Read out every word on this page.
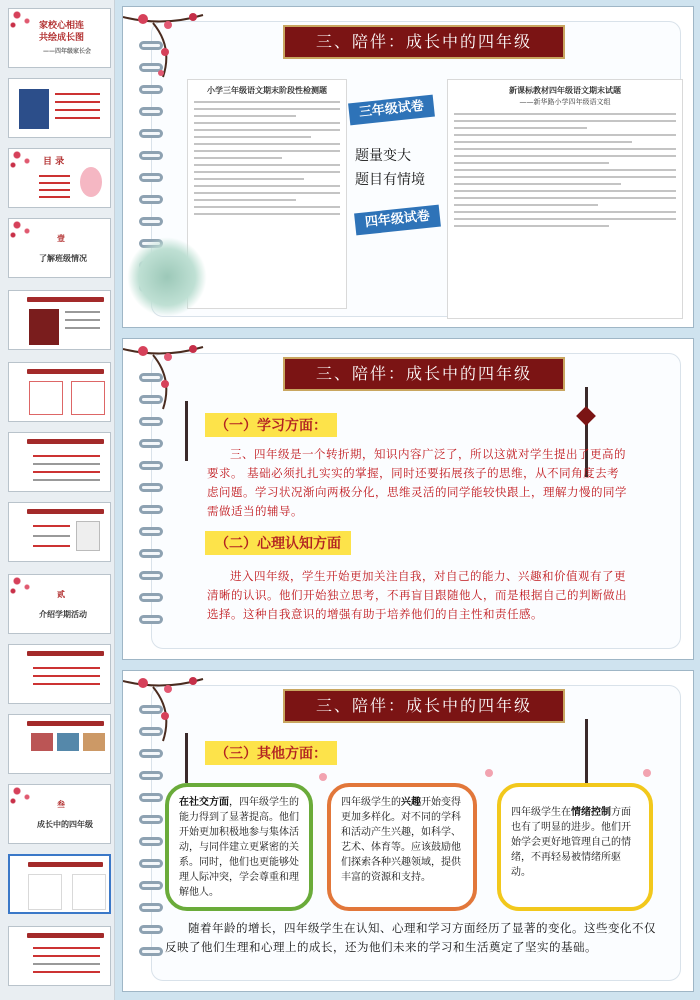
家校心相连
共绘成长图
——四年级家长会
目 录
壹
了解班级情况
贰
介绍学期活动
叁
成长中的四年级
三、陪伴：成长中的四年级
小学三年级语文期末阶段性检测题
三年级试卷
题量变大
题目有情境
四年级试卷
新课标教材四年级语文期末试题
——新华路小学四年级语文组
三、陪伴：成长中的四年级
（一）学习方面：
三、四年级是一个转折期，知识内容广泛了，所以这就对学生提出了更高的要求。 基础必须扎扎实实的掌握，同时还要拓展孩子的思维，从不同角度去考虑问题。学习状况渐向两极分化，思维灵活的同学能较快跟上，理解力慢的同学需做适当的辅导。
（二）心理认知方面
进入四年级，学生开始更加关注自我，对自己的能力、兴趣和价值观有了更清晰的认识。他们开始独立思考，不再盲目跟随他人，而是根据自己的判断做出选择。这种自我意识的增强有助于培养他们的自主性和责任感。
三、陪伴：成长中的四年级
（三）其他方面：
在社交方面，四年级学生的能力得到了显著提高。他们开始更加积极地参与集体活动，与同伴建立更紧密的关系。同时，他们也更能够处理人际冲突，学会尊重和理解他人。
四年级学生的兴趣开始变得更加多样化。对不同的学科和活动产生兴趣，如科学、艺术、体育等。应该鼓励他们探索各种兴趣领域，提供丰富的资源和支持。
四年级学生在情绪控制方面也有了明显的进步。他们开始学会更好地管理自己的情绪，不再轻易被情绪所驱动。
随着年龄的增长，四年级学生在认知、心理和学习方面经历了显著的变化。这些变化不仅反映了他们生理和心理上的成长，还为他们未来的学习和生活奠定了坚实的基础。
